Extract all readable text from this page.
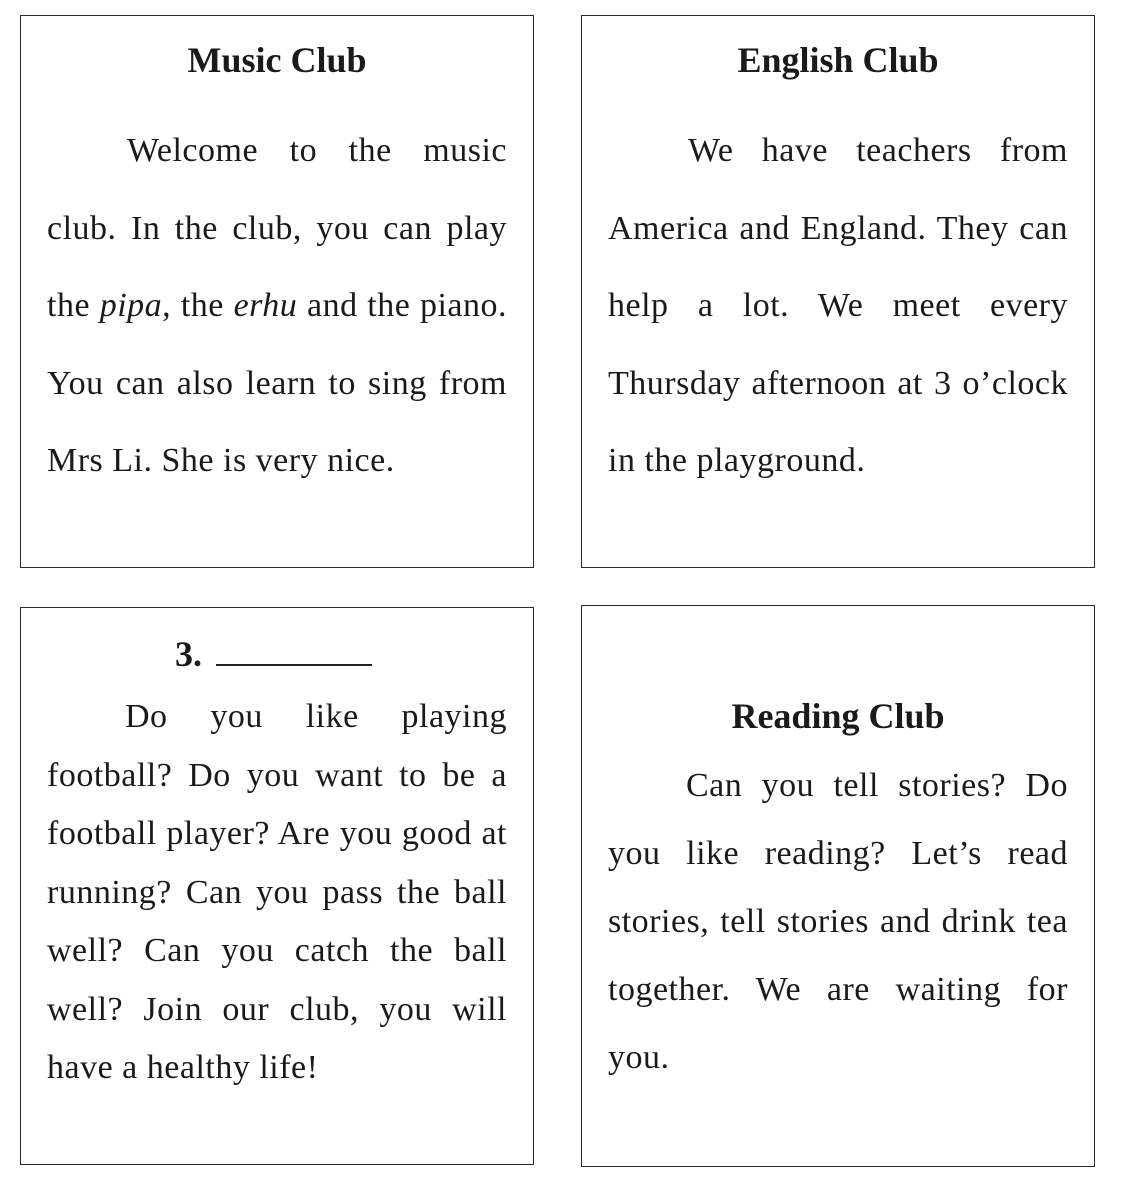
Music Club

Welcome to the music club. In the club, you can play the pipa, the erhu and the piano. You can also learn to sing from Mrs Li. She is very nice.

English Club

We have teachers from America and England. They can help a lot. We meet every Thursday afternoon at 3 o’clock in the playground.

3.

Do you like playing football? Do you want to be a football player? Are you good at running? Can you pass the ball well? Can you catch the ball well? Join our club, you will have a healthy life!

Reading Club

Can you tell stories? Do you like reading? Let’s read stories, tell stories and drink tea together. We are waiting for you.
